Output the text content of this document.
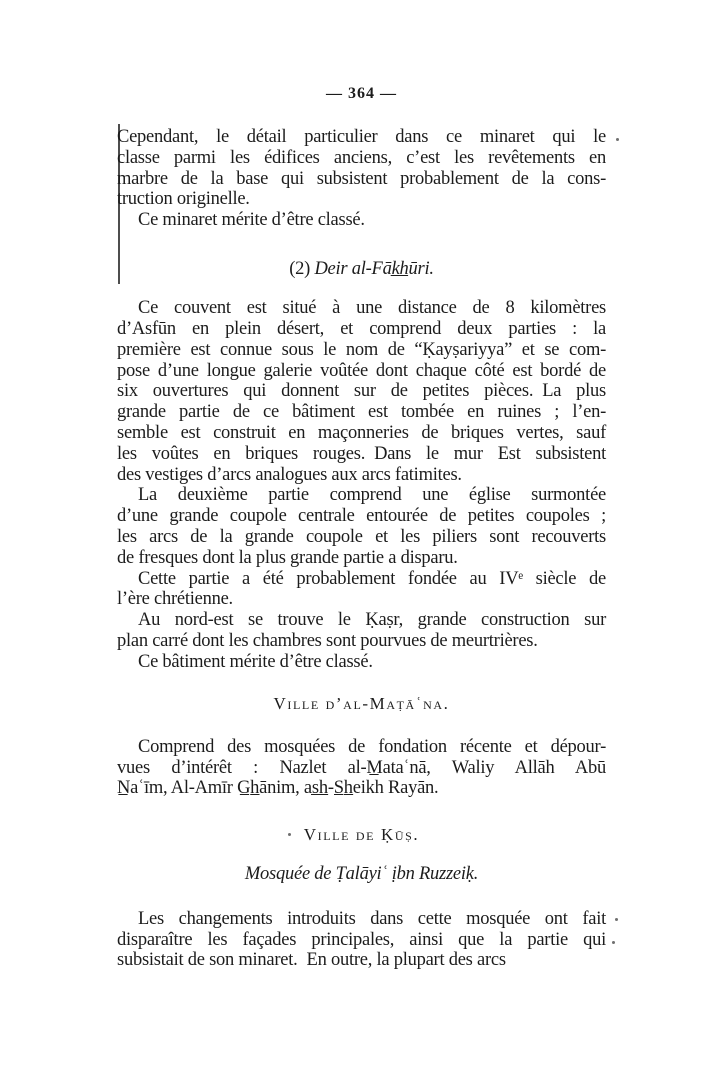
— 364 —
Cependant, le détail particulier dans ce minaret qui le
classe parmi les édifices anciens, c’est les revêtements en
marbre de la base qui subsistent probablement de la cons-
truction originelle.
Ce minaret mérite d’être classé.
(2) Deir al-Fāk̲h̲ūri.
Ce couvent est situé à une distance de 8 kilomètres
d’Asfūn en plein désert, et comprend deux parties : la
première est connue sous le nom de “Ḳayṣariyya” et se com-
pose d’une longue galerie voûtée dont chaque côté est bordé de
six ouvertures qui donnent sur de petites pièces. La plus
grande partie de ce bâtiment est tombée en ruines ; l’en-
semble est construit en maçonneries de briques vertes, sauf
les voûtes en briques rouges. Dans le mur Est subsistent
des vestiges d’arcs analogues aux arcs fatimites.
La deuxième partie comprend une église surmontée
d’une grande coupole centrale entourée de petites coupoles ;
les arcs de la grande coupole et les piliers sont recouverts
de fresques dont la plus grande partie a disparu.
Cette partie a été probablement fondée au IVᵉ siècle de
l’ère chrétienne.
Au nord-est se trouve le Ḳaṣr, grande construction sur
plan carré dont les chambres sont pourvues de meurtrières.
Ce bâtiment mérite d’être classé.
Ville d’al-Maṭāʿna.
Comprend des mosquées de fondation récente et dépour-
vues d’intérêt : Nazlet al-M̲ataʿnā, Waliy Allāh Abū
N̲aʿīm, Al-Amīr G̲h̲ānim, as̲h̲-S̲h̲eikh Rayān.
Ville de Ḳūṣ.
Mosquée de Ṭalāyiʿ ịbn Ruzzeiḳ.
Les changements introduits dans cette mosquée ont fait
disparaître les façades principales, ainsi que la partie qui
subsistait de son minaret. En outre, la plupart des arcs
